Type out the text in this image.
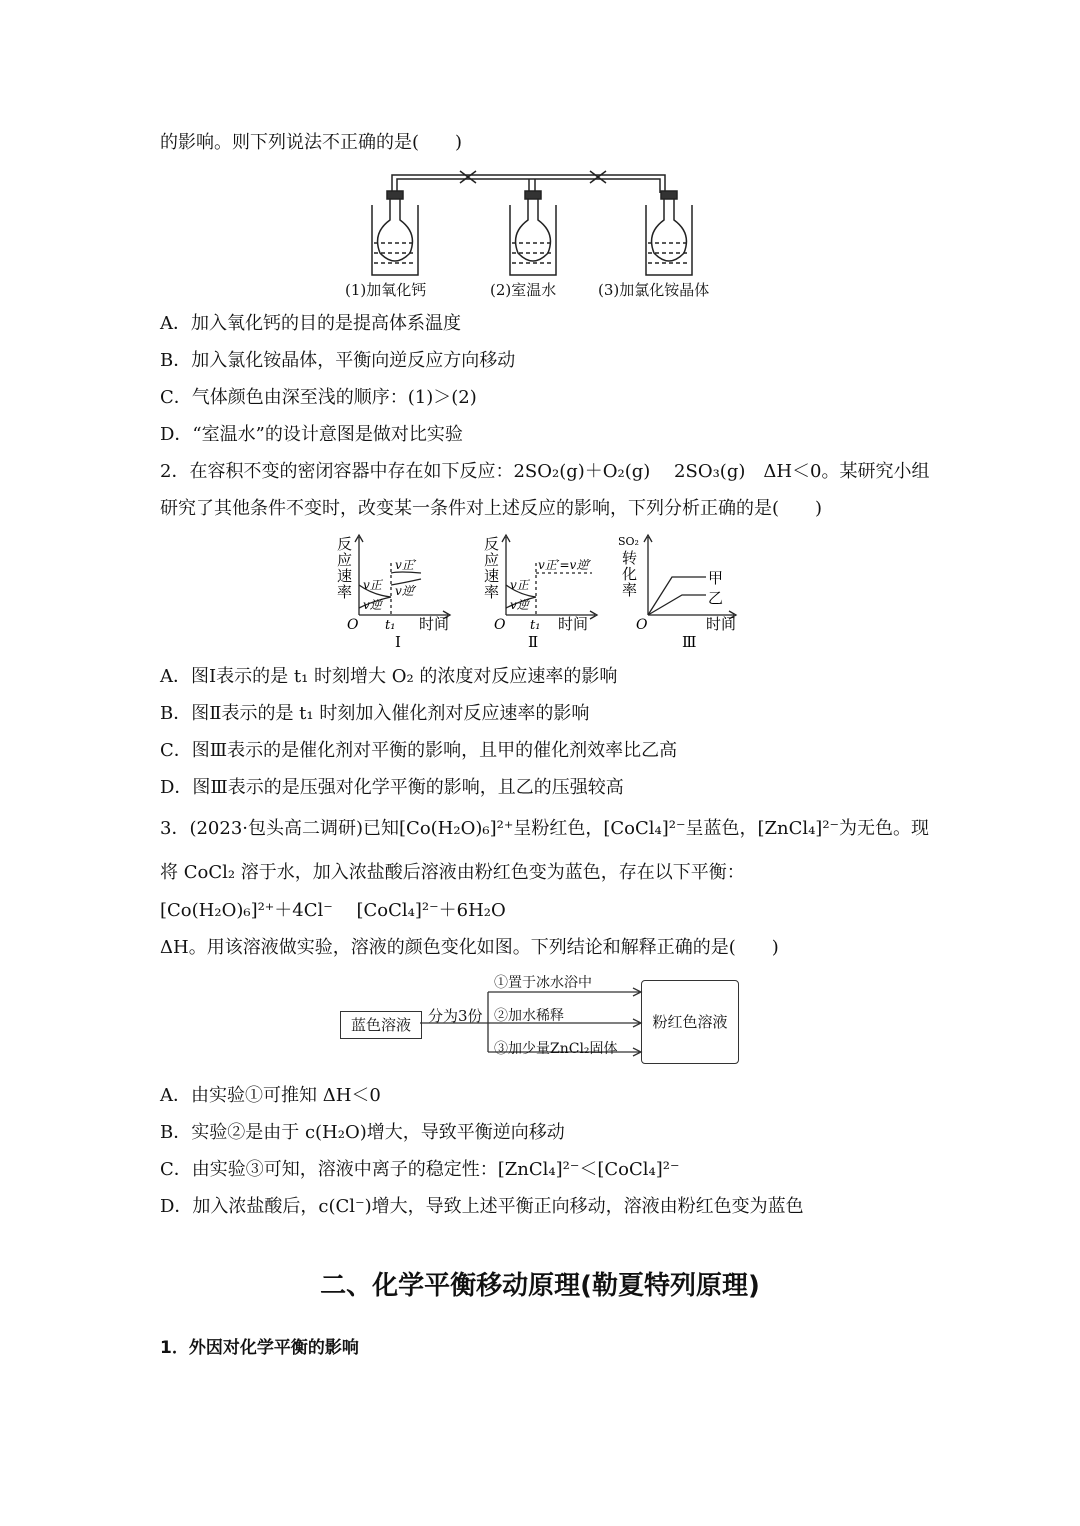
的影响。则下列说法不正确的是(　　)
(1)加氧化钙	(2)室温水	(3)加氯化铵晶体
A．加入氧化钙的目的是提高体系温度
B．加入氯化铵晶体，平衡向逆反应方向移动
C．气体颜色由深至浅的顺序：(1)＞(2)
D．“室温水”的设计意图是做对比实验
2．在容积不变的密闭容器中存在如下反应：2SO₂(g)＋O₂(g)　 2SO₃(g)　ΔH＜0。某研究小组
研究了其他条件不变时，改变某一条件对上述反应的影响，下列分析正确的是(　　)
反
应
速
率 v正
v逆
v正′
v逆′
O t₁ 时间
Ⅰ
反
应
速
率 v正
v逆
v正′=v逆′
O t₁ 时间
Ⅱ
SO₂
转
化
率
甲
乙
O	时间
Ⅲ
A．图Ⅰ表示的是 t₁ 时刻增大 O₂ 的浓度对反应速率的影响
B．图Ⅱ表示的是 t₁ 时刻加入催化剂对反应速率的影响
C．图Ⅲ表示的是催化剂对平衡的影响，且甲的催化剂效率比乙高
D．图Ⅲ表示的是压强对化学平衡的影响，且乙的压强较高
3．(2023·包头高二调研)已知[Co(H₂O)₆]²⁺呈粉红色，[CoCl₄]²⁻呈蓝色，[ZnCl₄]²⁻为无色。现
将 CoCl₂ 溶于水，加入浓盐酸后溶液由粉红色变为蓝色，存在以下平衡：
[Co(H₂O)₆]²⁺＋4Cl⁻　 [CoCl₄]²⁻＋6H₂O
ΔH。用该溶液做实验，溶液的颜色变化如图。下列结论和解释正确的是(　　)
蓝色溶液	分为3份
①置于冰水浴中
②加水稀释
③加少量ZnCl₂固体
粉红色溶液
A．由实验①可推知 ΔH＜0
B．实验②是由于 c(H₂O)增大，导致平衡逆向移动
C．由实验③可知，溶液中离子的稳定性：[ZnCl₄]²⁻＜[CoCl₄]²⁻
D．加入浓盐酸后，c(Cl⁻)增大，导致上述平衡正向移动，溶液由粉红色变为蓝色
二、化学平衡移动原理(勒夏特列原理)
1．外因对化学平衡的影响
